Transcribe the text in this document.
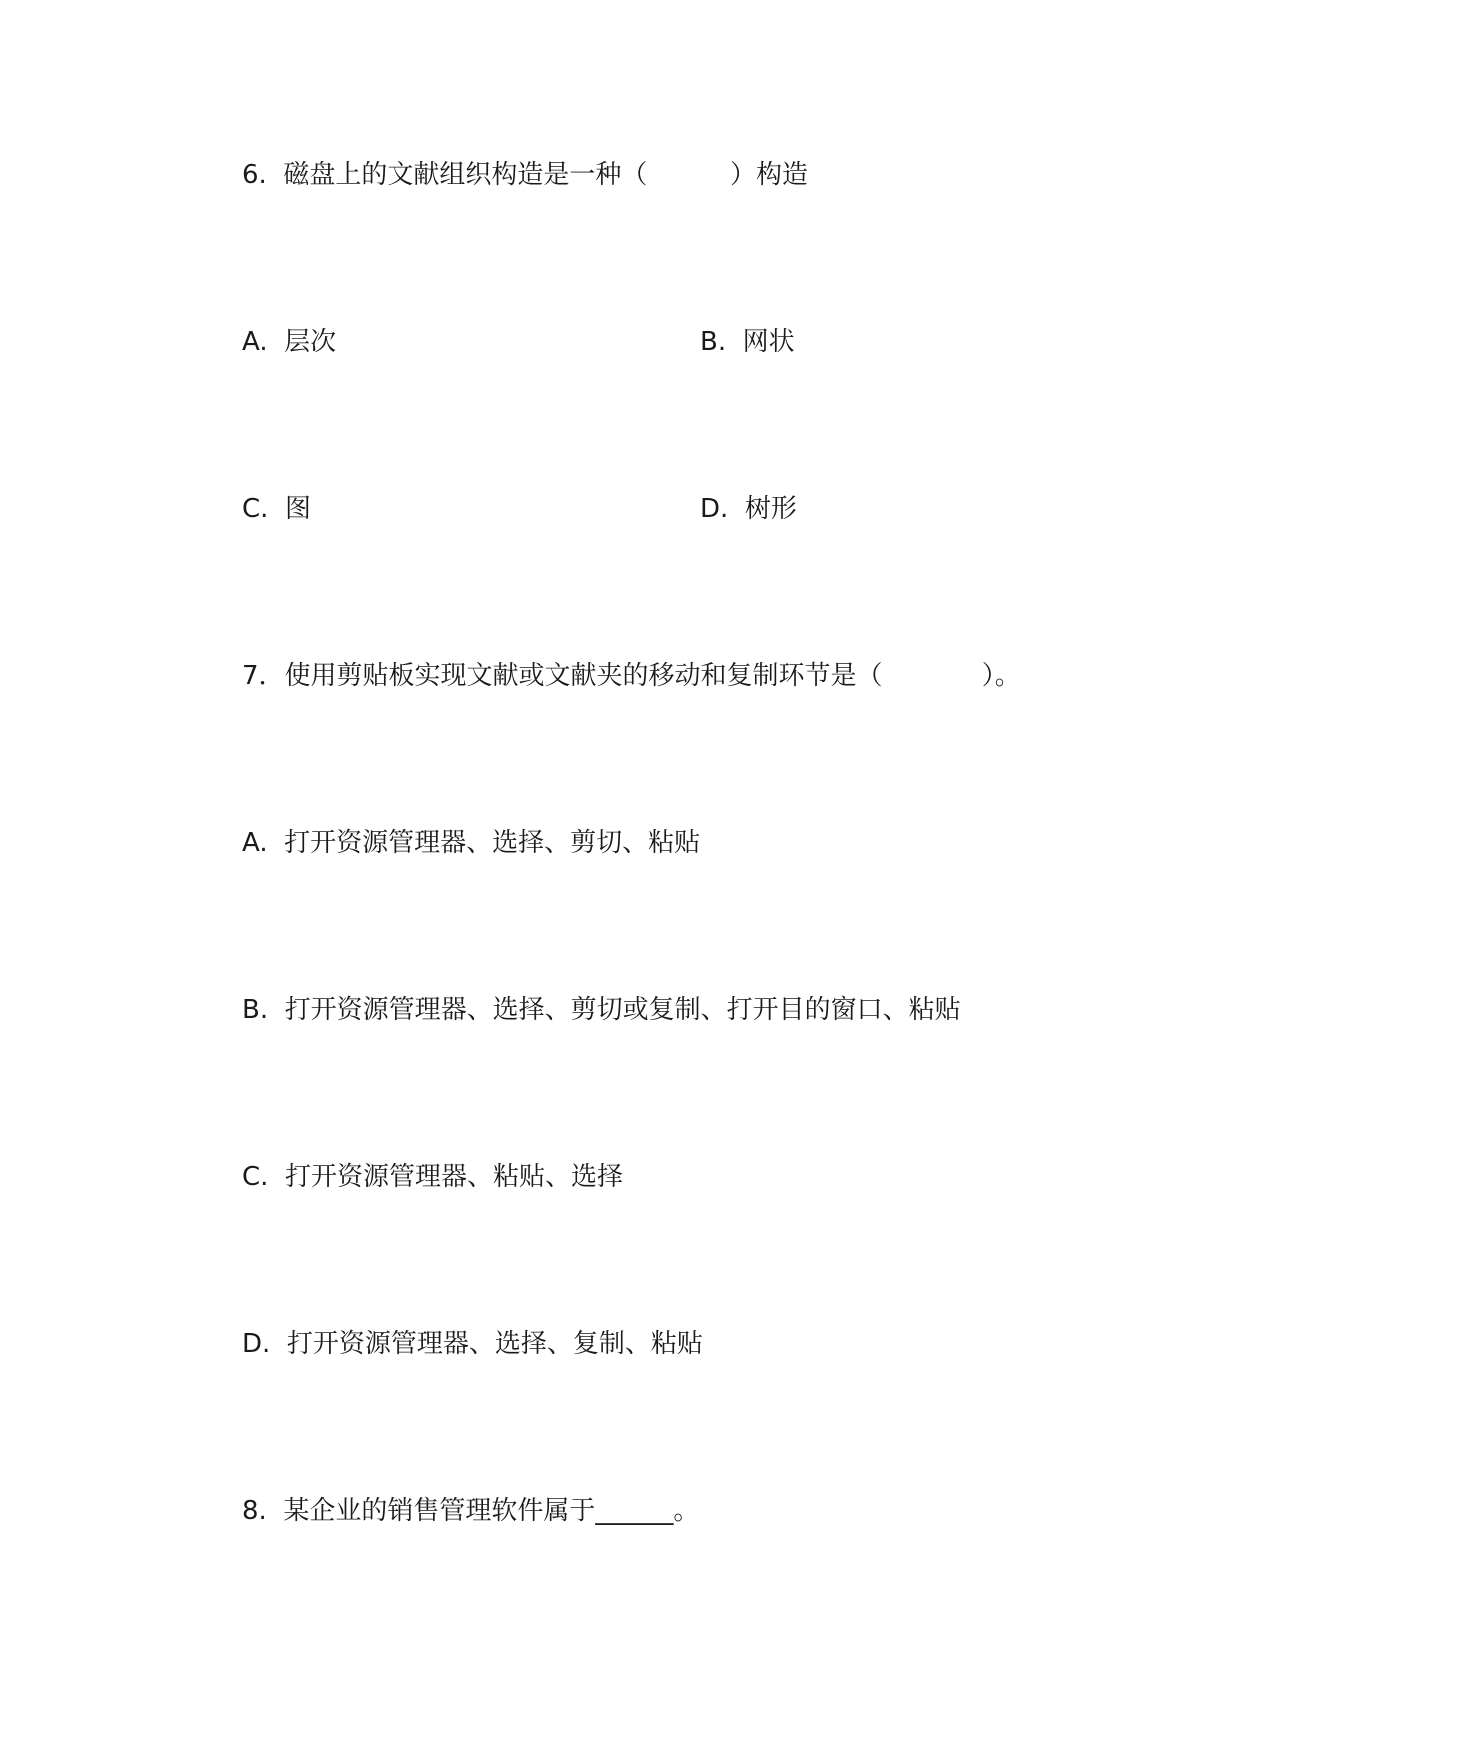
6.  磁盘上的文献组织构造是一种（          ）构造
A.  层次	B.  网状
C.  图	D.  树形
7．使用剪贴板实现文献或文献夹的移动和复制环节是（            ）。
A.  打开资源管理器、选择、剪切、粘贴
B.  打开资源管理器、选择、剪切或复制、打开目的窗口、粘贴
C.  打开资源管理器、粘贴、选择
D.  打开资源管理器、选择、复制、粘贴
8.  某企业的销售管理软件属于______。
